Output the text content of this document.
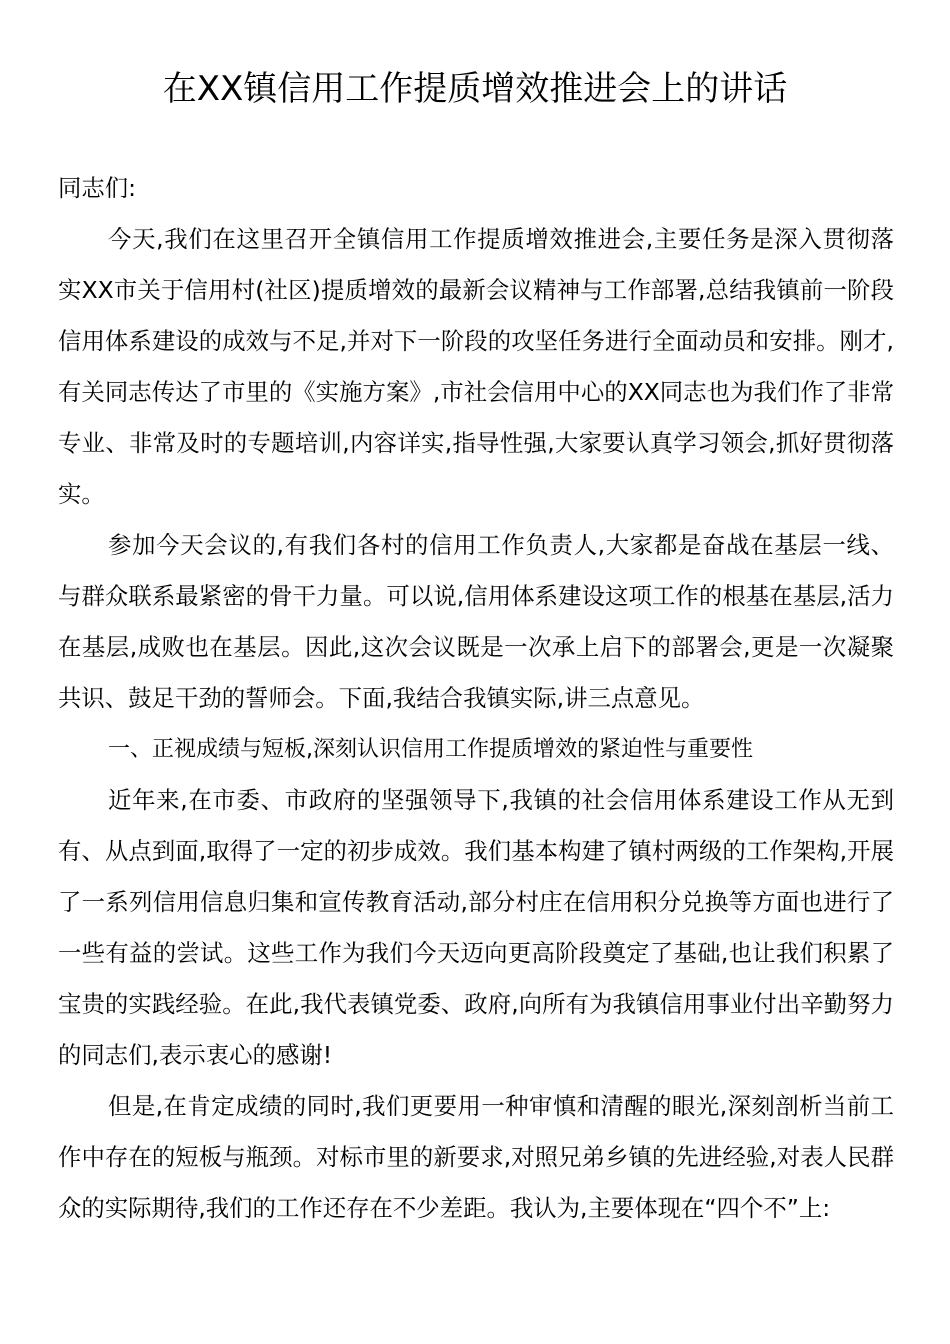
在XX镇信用工作提质增效推进会上的讲话

同志们:

今天,我们在这里召开全镇信用工作提质增效推进会,主要任务是深入贯彻落实XX市关于信用村(社区)提质增效的最新会议精神与工作部署,总结我镇前一阶段信用体系建设的成效与不足,并对下一阶段的攻坚任务进行全面动员和安排。刚才,有关同志传达了市里的《实施方案》,市社会信用中心的XX同志也为我们作了非常专业、非常及时的专题培训,内容详实,指导性强,大家要认真学习领会,抓好贯彻落实。

参加今天会议的,有我们各村的信用工作负责人,大家都是奋战在基层一线、与群众联系最紧密的骨干力量。可以说,信用体系建设这项工作的根基在基层,活力在基层,成败也在基层。因此,这次会议既是一次承上启下的部署会,更是一次凝聚共识、鼓足干劲的誓师会。下面,我结合我镇实际,讲三点意见。

一、正视成绩与短板,深刻认识信用工作提质增效的紧迫性与重要性

近年来,在市委、市政府的坚强领导下,我镇的社会信用体系建设工作从无到有、从点到面,取得了一定的初步成效。我们基本构建了镇村两级的工作架构,开展了一系列信用信息归集和宣传教育活动,部分村庄在信用积分兑换等方面也进行了一些有益的尝试。这些工作为我们今天迈向更高阶段奠定了基础,也让我们积累了宝贵的实践经验。在此,我代表镇党委、政府,向所有为我镇信用事业付出辛勤努力的同志们,表示衷心的感谢!

但是,在肯定成绩的同时,我们更要用一种审慎和清醒的眼光,深刻剖析当前工作中存在的短板与瓶颈。对标市里的新要求,对照兄弟乡镇的先进经验,对表人民群众的实际期待,我们的工作还存在不少差距。我认为,主要体现在“四个不”上:
